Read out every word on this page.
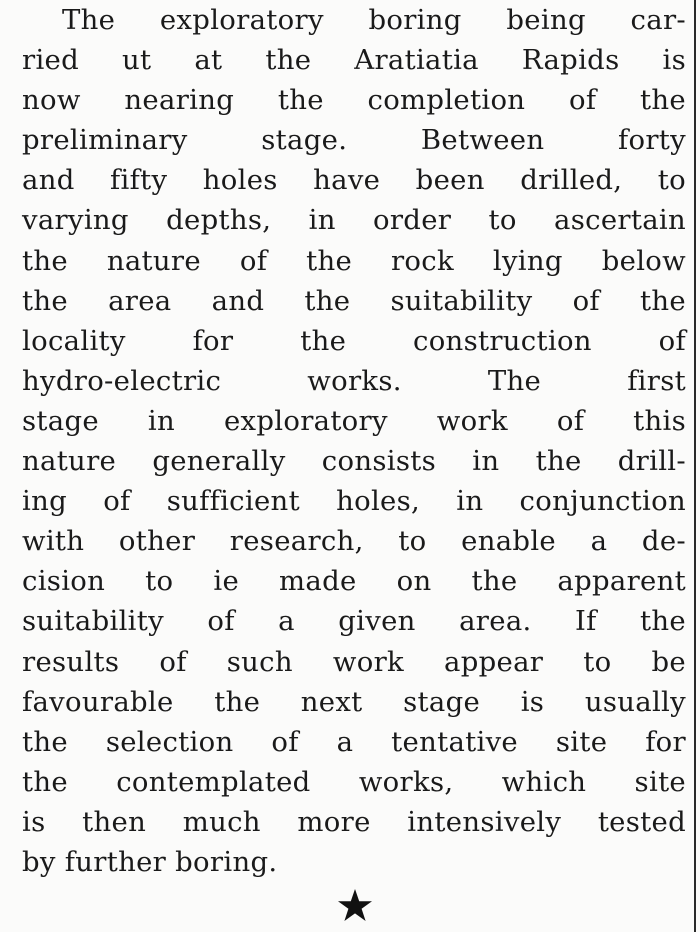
The exploratory boring being car-
ried ut at the Aratiatia Rapids is
now nearing the completion of the
preliminary stage. Between forty
and fifty holes have been drilled, to
varying depths, in order to ascertain
the nature of the rock lying below
the area and the suitability of the
locality for the construction of
hydro-electric works. The first
stage in exploratory work of this
nature generally consists in the drill-
ing of sufficient holes, in conjunction
with other research, to enable a de-
cision to ie made on the apparent
suitability of a given area. If the
results of such work appear to be
favourable the next stage is usually
the selection of a tentative site for
the contemplated works, which site
is then much more intensively tested
by further boring.
